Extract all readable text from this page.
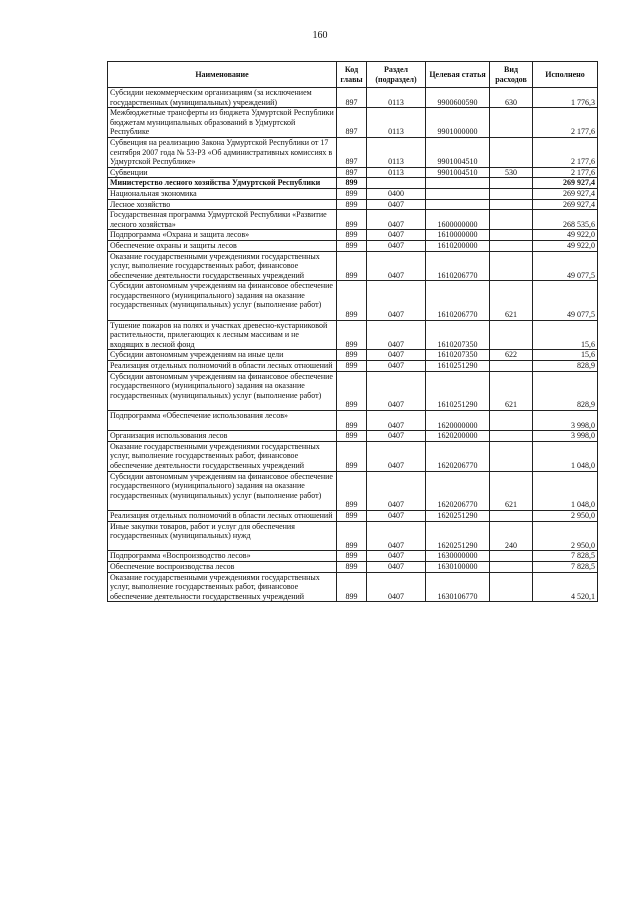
160
Наименование	Код главы	Раздел (подраздел)	Целевая статья	Вид расходов	Исполнено
Субсидии некоммерческим организациям (за исключением государственных (муниципальных) учреждений)	897	0113	9900600590	630	1 776,3
Межбюджетные трансферты из бюджета Удмуртской Республики бюджетам муниципальных образований в Удмуртской Республике	897	0113	9901000000		2 177,6
Субвенция на реализацию Закона Удмуртской Республики от 17 сентября 2007 года № 53-РЗ «Об административных комиссиях в Удмуртской Республике»	897	0113	9901004510		2 177,6
Субвенции	897	0113	9901004510	530	2 177,6
Министерство лесного хозяйства Удмуртской Республики	899				269 927,4
Национальная экономика	899	0400			269 927,4
Лесное хозяйство	899	0407			269 927,4
Государственная программа Удмуртской Республики «Развитие лесного хозяйства»	899	0407	1600000000		268 535,6
Подпрограмма «Охрана и защита лесов»	899	0407	1610000000		49 922,0
Обеспечение охраны и защиты лесов	899	0407	1610200000		49 922,0
Оказание государственными учреждениями государственных услуг, выполнение государственных работ, финансовое обеспечение деятельности государственных учреждений	899	0407	1610206770		49 077,5
Субсидии автономным учреждениям на финансовое обеспечение государственного (муниципального) задания на оказание государственных (муниципальных) услуг (выполнение работ)	899	0407	1610206770	621	49 077,5
Тушение пожаров на полях и участках древесно-кустарниковой растительности, прилегающих к лесным массивам и не входящих в лесной фонд	899	0407	1610207350		15,6
Субсидии автономным учреждениям на иные цели	899	0407	1610207350	622	15,6
Реализация отдельных полномочий в области лесных отношений	899	0407	1610251290		828,9
Субсидии автономным учреждениям на финансовое обеспечение государственного (муниципального) задания на оказание государственных (муниципальных) услуг (выполнение работ)	899	0407	1610251290	621	828,9
Подпрограмма «Обеспечение использования лесов»	899	0407	1620000000		3 998,0
Организация использования лесов	899	0407	1620200000		3 998,0
Оказание государственными учреждениями государственных услуг, выполнение государственных работ, финансовое обеспечение деятельности государственных учреждений	899	0407	1620206770		1 048,0
Субсидии автономным учреждениям на финансовое обеспечение государственного (муниципального) задания на оказание государственных (муниципальных) услуг (выполнение работ)	899	0407	1620206770	621	1 048,0
Реализация отдельных полномочий в области лесных отношений	899	0407	1620251290		2 950,0
Иные закупки товаров, работ и услуг для обеспечения государственных (муниципальных) нужд	899	0407	1620251290	240	2 950,0
Подпрограмма «Воспроизводство лесов»	899	0407	1630000000		7 828,5
Обеспечение воспроизводства лесов	899	0407	1630100000		7 828,5
Оказание государственными учреждениями государственных услуг, выполнение государственных работ, финансовое обеспечение деятельности государственных учреждений	899	0407	1630106770		4 520,1
